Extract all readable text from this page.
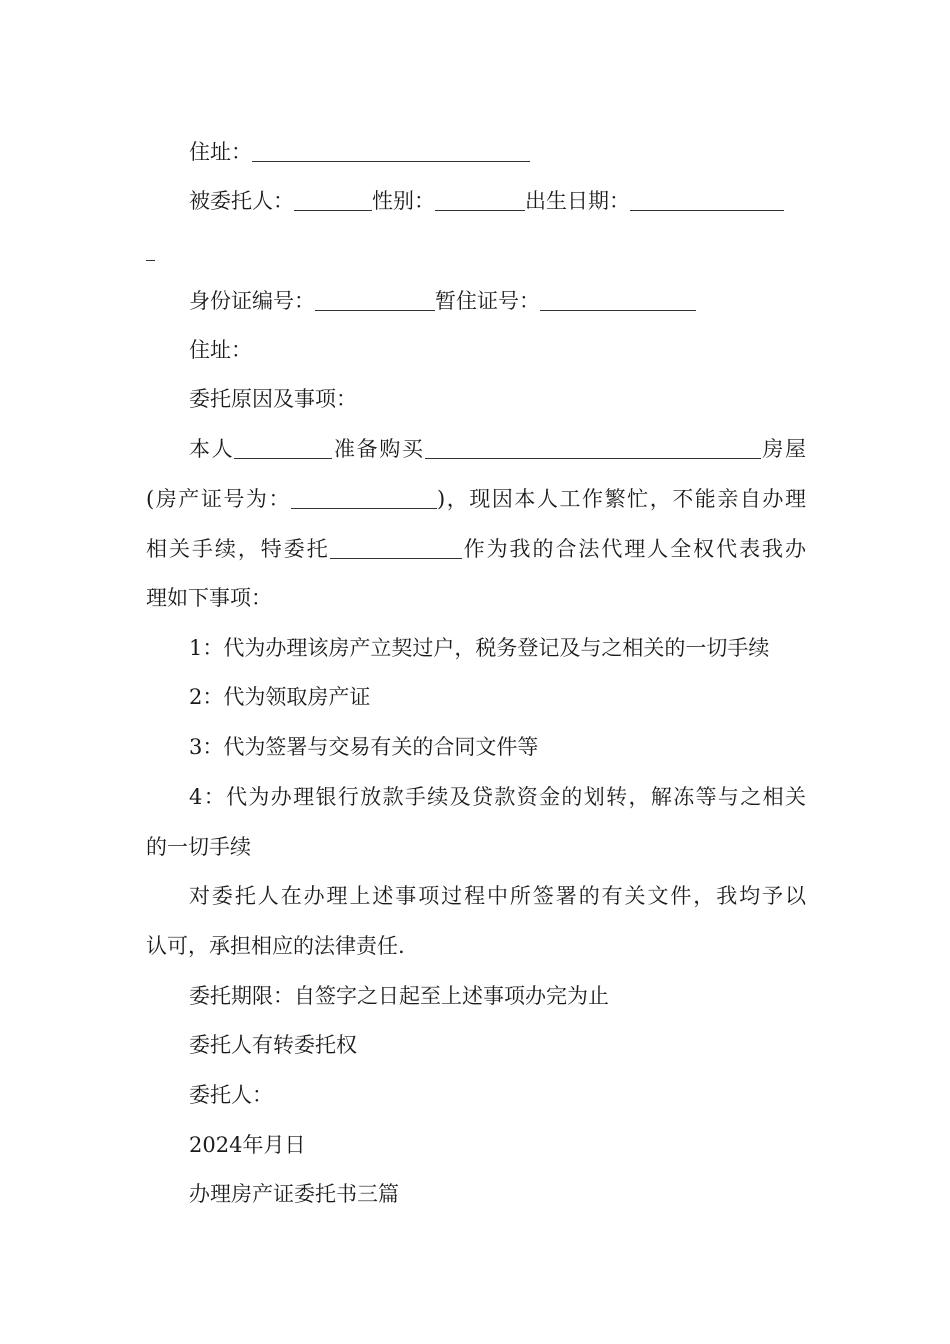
住址：
被委托人：	性别：	出生日期：
身份证编号：	暂住证号：
住址：
委托原因及事项：
本人	准备购买	房屋
(房产证号为：	)，现因本人工作繁忙，不能亲自办理
相关手续，特委托	作为我的合法代理人全权代表我办
理如下事项：
1：代为办理该房产立契过户，税务登记及与之相关的一切手续
2：代为领取房产证
3：代为签署与交易有关的合同文件等
4：代为办理银行放款手续及贷款资金的划转，解冻等与之相关
的一切手续
对委托人在办理上述事项过程中所签署的有关文件，我均予以
认可，承担相应的法律责任.
委托期限：自签字之日起至上述事项办完为止
委托人有转委托权
委托人：
2024年月日
办理房产证委托书三篇
